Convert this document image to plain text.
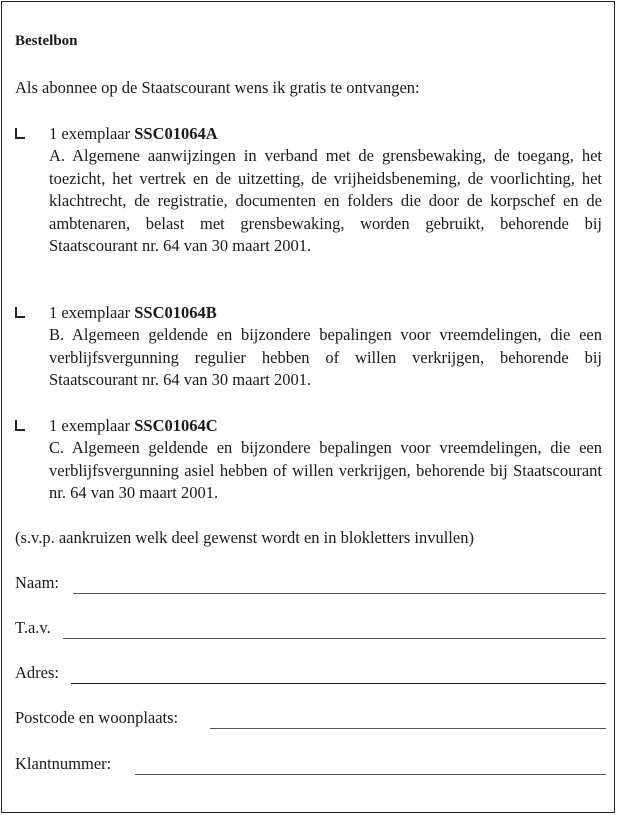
Bestelbon
Als abonnee op de Staatscourant wens ik gratis te ontvangen:
1 exemplaar SSC01064A
A. Algemene aanwijzingen in verband met de grensbewaking, de toegang, het toezicht, het vertrek en de uitzetting, de vrijheidsbeneming, de voorlichting, het klachtrecht, de registratie, documenten en folders die door de korpschef en de ambtenaren, belast met grensbewaking, worden gebruikt, behorende bij Staatscourant nr. 64 van 30 maart 2001.
1 exemplaar SSC01064B
B. Algemeen geldende en bijzondere bepalingen voor vreemdelingen, die een verblijfsvergunning regulier hebben of willen verkrijgen, behorende bij Staatscourant nr. 64 van 30 maart 2001.
1 exemplaar SSC01064C
C. Algemeen geldende en bijzondere bepalingen voor vreemdelingen, die een verblijfsvergunning asiel hebben of willen verkrijgen, behorende bij Staatscourant nr. 64 van 30 maart 2001.
(s.v.p. aankruizen welk deel gewenst wordt en in blokletters invullen)
Naam:
T.a.v.
Adres:
Postcode en woonplaats:
Klantnummer:
